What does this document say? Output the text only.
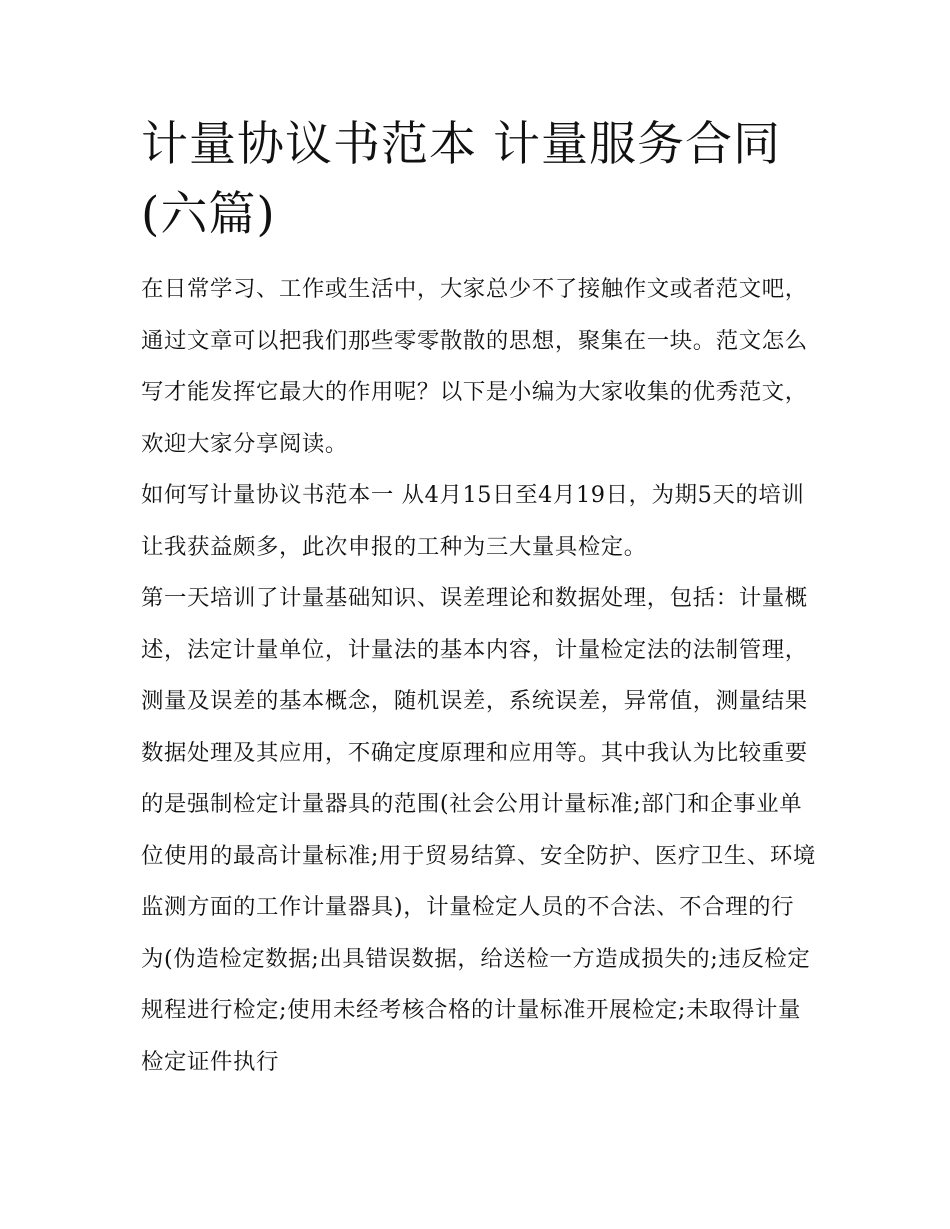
计量协议书范本 计量服务合同(六篇)

在日常学习、工作或生活中，大家总少不了接触作文或者范文吧，通过文章可以把我们那些零零散散的思想，聚集在一块。范文怎么写才能发挥它最大的作用呢？以下是小编为大家收集的优秀范文，欢迎大家分享阅读。

如何写计量协议书范本一 从4月15日至4月19日，为期5天的培训让我获益颇多，此次申报的工种为三大量具检定。

第一天培训了计量基础知识、误差理论和数据处理，包括：计量概述，法定计量单位，计量法的基本内容，计量检定法的法制管理，测量及误差的基本概念，随机误差，系统误差，异常值，测量结果数据处理及其应用，不确定度原理和应用等。其中我认为比较重要的是强制检定计量器具的范围(社会公用计量标准;部门和企事业单位使用的最高计量标准;用于贸易结算、安全防护、医疗卫生、环境监测方面的工作计量器具)，计量检定人员的不合法、不合理的行为(伪造检定数据;出具错误数据，给送检一方造成损失的;违反检定规程进行检定;使用未经考核合格的计量标准开展检定;未取得计量检定证件执行
